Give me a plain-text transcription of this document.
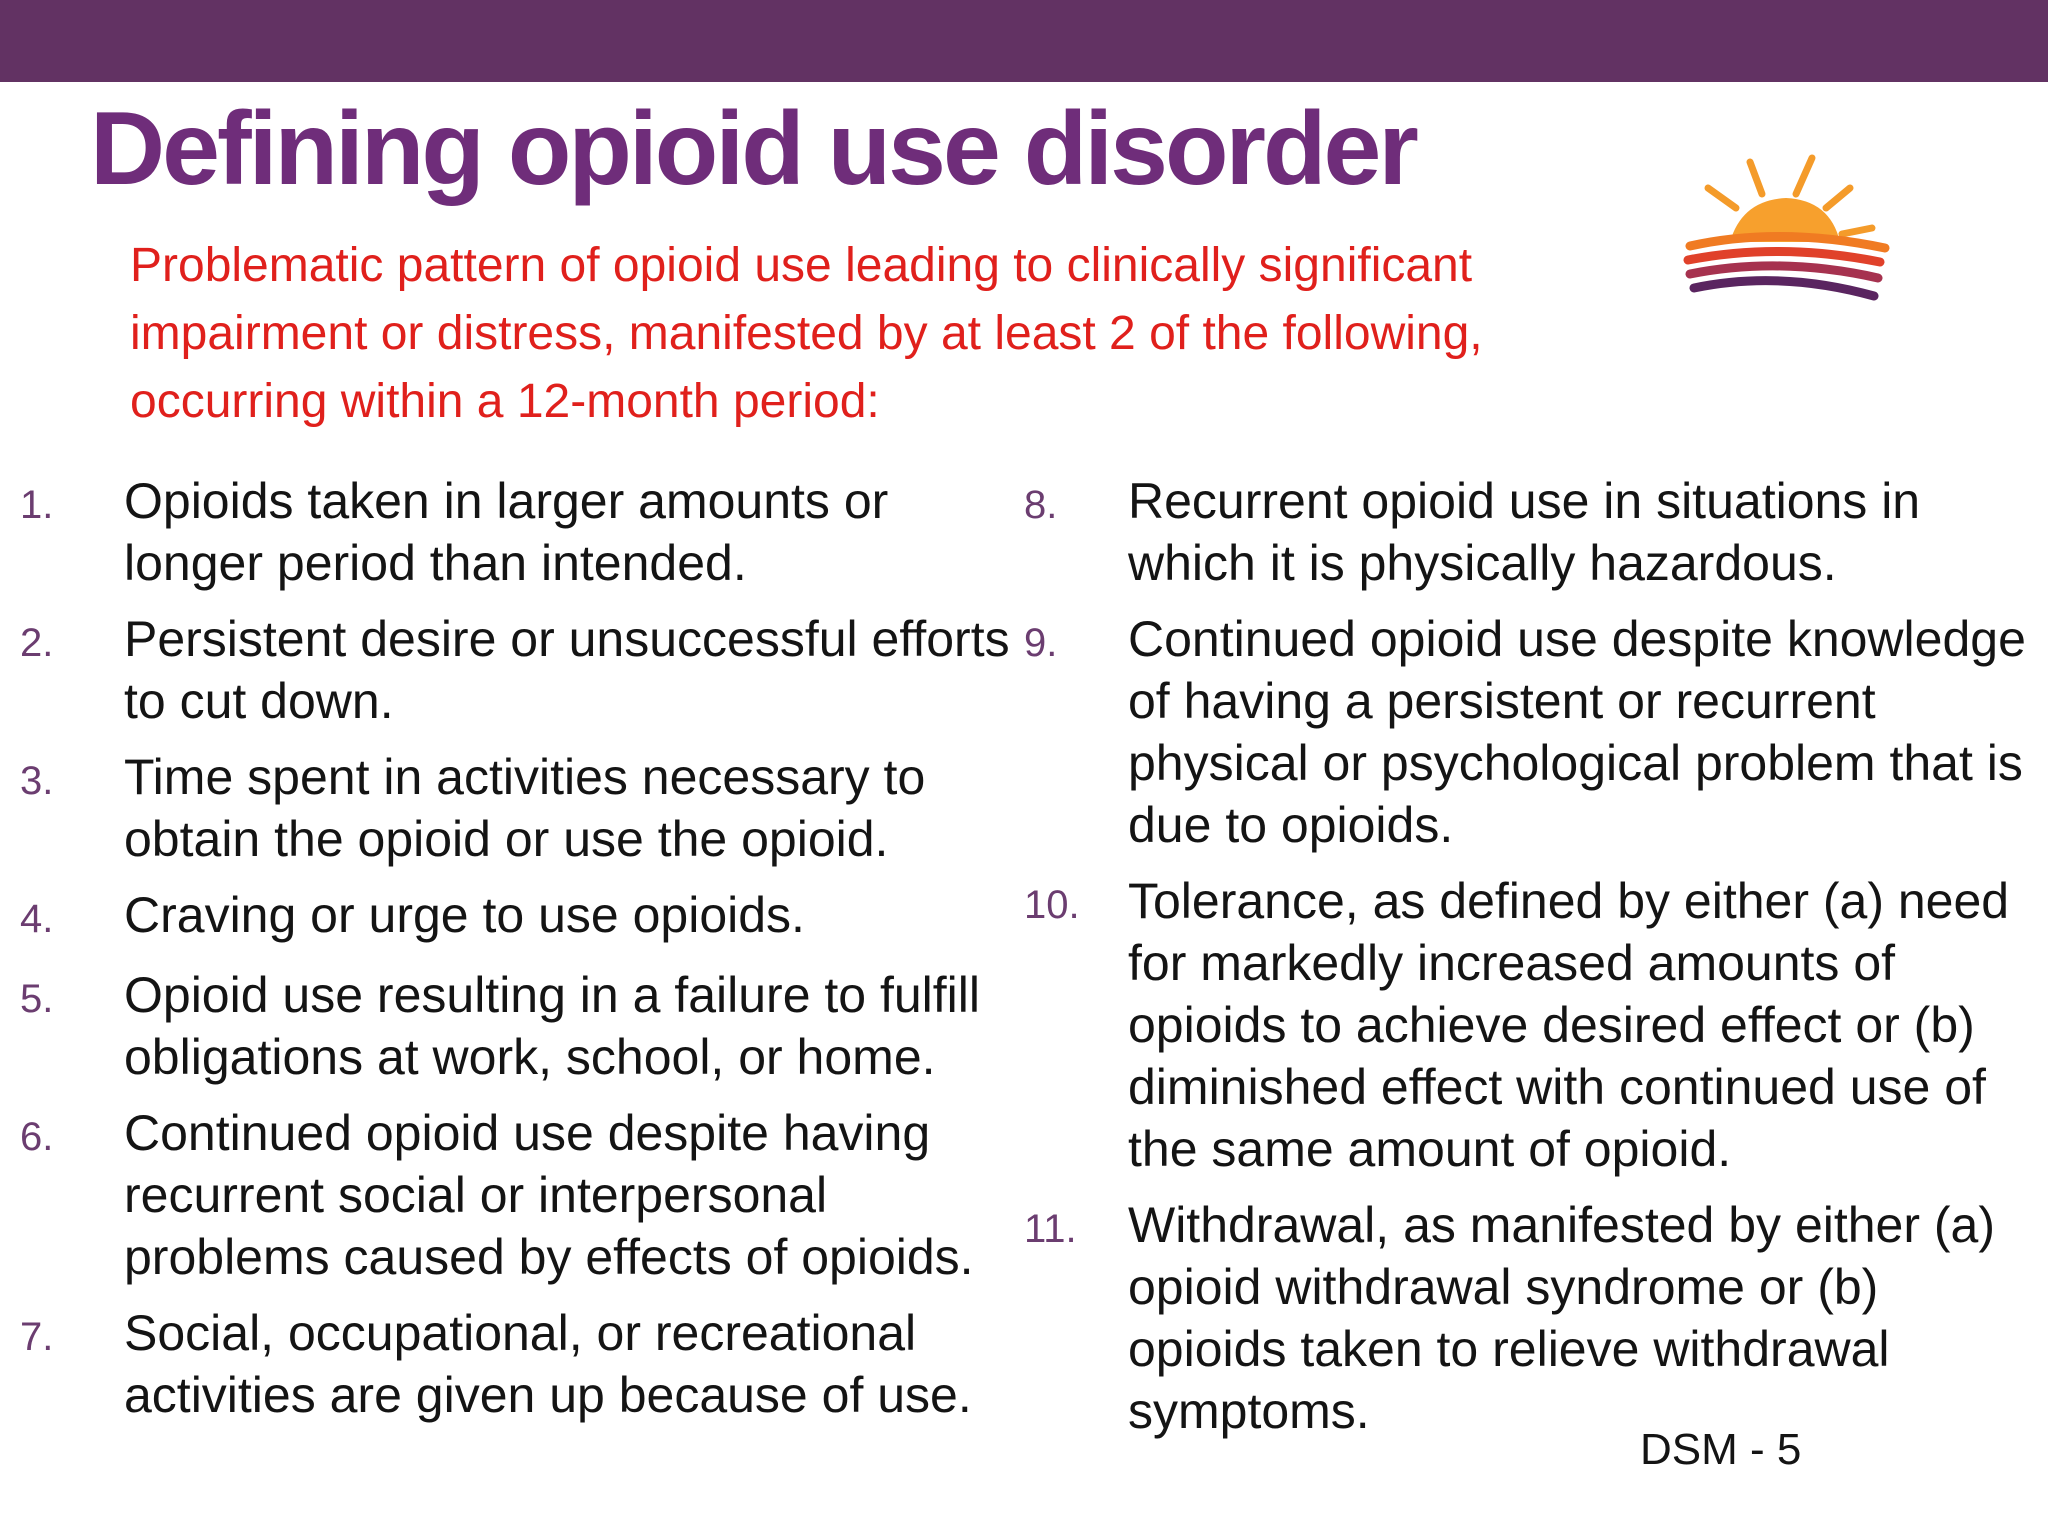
Defining opioid use disorder
Problematic pattern of opioid use leading to clinically significant impairment or distress, manifested by at least 2 of the following, occurring within a 12-month period:
1.	Opioids taken in larger amounts or longer period than intended.
2.	Persistent desire or unsuccessful efforts to cut down.
3.	Time spent in activities necessary to obtain the opioid or use the opioid.
4.	Craving or urge to use opioids.
5.	Opioid use resulting in a failure to fulfill obligations at work, school, or home.
6.	Continued opioid use despite having recurrent social or interpersonal problems caused by effects of opioids.
7.	Social, occupational, or recreational activities are given up because of use.
8.	Recurrent opioid use in situations in which it is physically hazardous.
9.	Continued opioid use despite knowledge of having a persistent or recurrent physical or psychological problem that is due to opioids.
10. Tolerance, as defined by either (a) need for markedly increased amounts of opioids to achieve desired effect or (b) diminished effect with continued use of the same amount of opioid.
11.	Withdrawal, as manifested by either (a) opioid withdrawal syndrome or (b) opioids taken to relieve withdrawal symptoms.
DSM - 5
